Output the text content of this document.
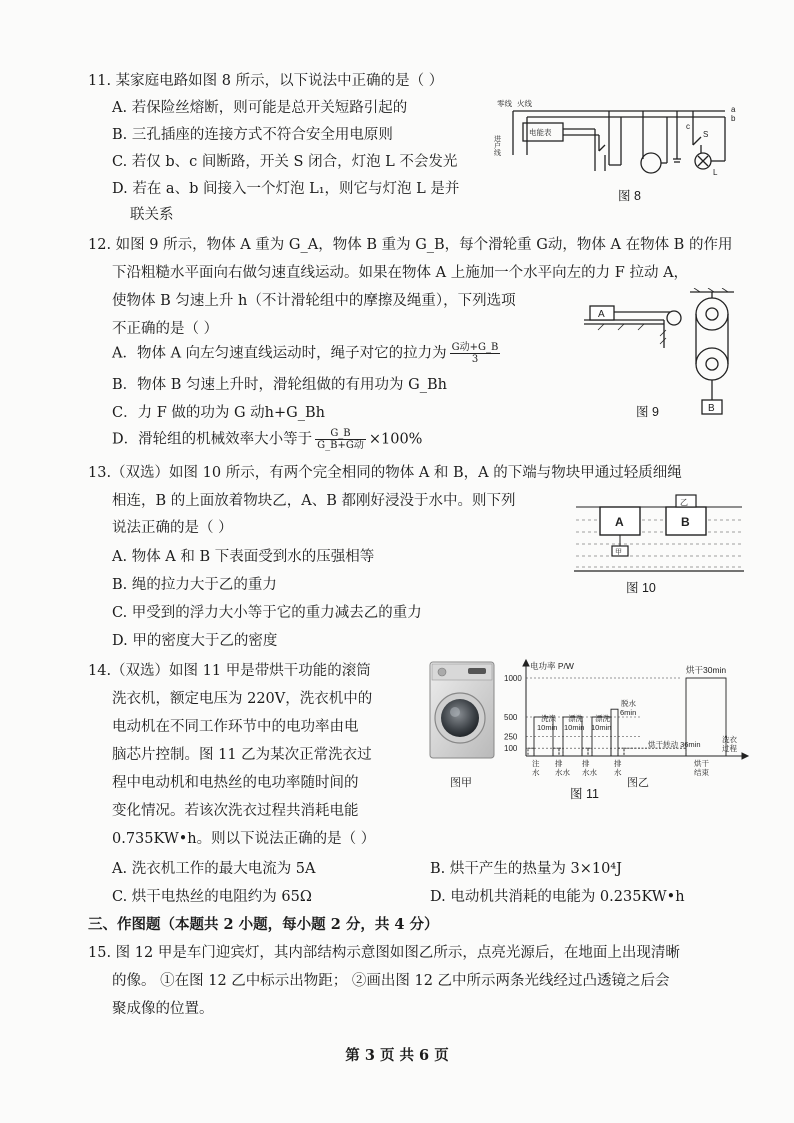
11. 某家庭电路如图 8 所示，以下说法中正确的是（ ）
A. 若保险丝熔断，则可能是总开关短路引起的
B. 三孔插座的连接方式不符合安全用电原则
C. 若仅 b、c 间断路，开关 S 闭合，灯泡 L 不会发光
D. 若在 a、b 间接入一个灯泡 L₁，则它与灯泡 L 是并
联关系
零线 火线
电能表
进户线
a
b
c
S
L
图 8
12. 如图 9 所示，物体 A 重为 G_A，物体 B 重为 G_B，每个滑轮重 G动，物体 A 在物体 B 的作用
下沿粗糙水平面向右做匀速直线运动。如果在物体 A 上施加一个水平向左的力 F 拉动 A，
使物体 B 匀速上升 h（不计滑轮组中的摩擦及绳重），下列选项
不正确的是（ ）
A．物体 A 向左匀速直线运动时，绳子对它的拉力为 $\frac{\text{G动+G\_B}}{3}$
B．物体 B 匀速上升时，滑轮组做的有用功为 G_Bh
C．力 F 做的功为 G 动h+G_Bh
D．滑轮组的机械效率大小等于 $\frac{G\_B}{\text{G\_B+G动}} \times 100\%$
A
B
图 9
13.（双选）如图 10 所示，有两个完全相同的物体 A 和 B，A 的下端与物块甲通过轻质细绳
相连，B 的上面放着物块乙，A、B 都刚好浸没于水中。则下列
说法正确的是（ ）
A. 物体 A 和 B 下表面受到水的压强相等
B. 绳的拉力大于乙的重力
C. 甲受到的浮力大小等于它的重力减去乙的重力
D. 甲的密度大于乙的密度
A	B
乙
甲
图 10
14.（双选）如图 11 甲是带烘干功能的滚筒
洗衣机，额定电压为 220V，洗衣机中的
电动机在不同工作环节中的电功率由电
脑芯片控制。图 11 乙为某次正常洗衣过
程中电动机和电热丝的电功率随时间的
变化情况。若该次洗衣过程共消耗电能
0.735KW•h。则以下说法正确的是（ ）
A. 洗衣机工作的最大电流为 5A	B. 烘干产生的热量为 3×10⁴J
C. 烘干电热丝的电阻约为 65Ω	D. 电动机共消耗的电能为 0.235KW•h
图甲
100
250
500
1000
电功率 P/W	烘干30min
洗涤
10min
漂洗
10min
漂洗
10min
脱水
6min
烘干转动 36min
洗衣
过程
注
水
排
水水
排
水水
排
水
烘干
结束
图乙
图 11
三、作图题（本题共 2 小题，每小题 2 分，共 4 分）
15. 图 12 甲是车门迎宾灯，其内部结构示意图如图乙所示，点亮光源后，在地面上出现清晰
的像。 ①在图 12 乙中标示出物距； ②画出图 12 乙中所示两条光线经过凸透镜之后会
聚成像的位置。
第 3 页 共 6 页
